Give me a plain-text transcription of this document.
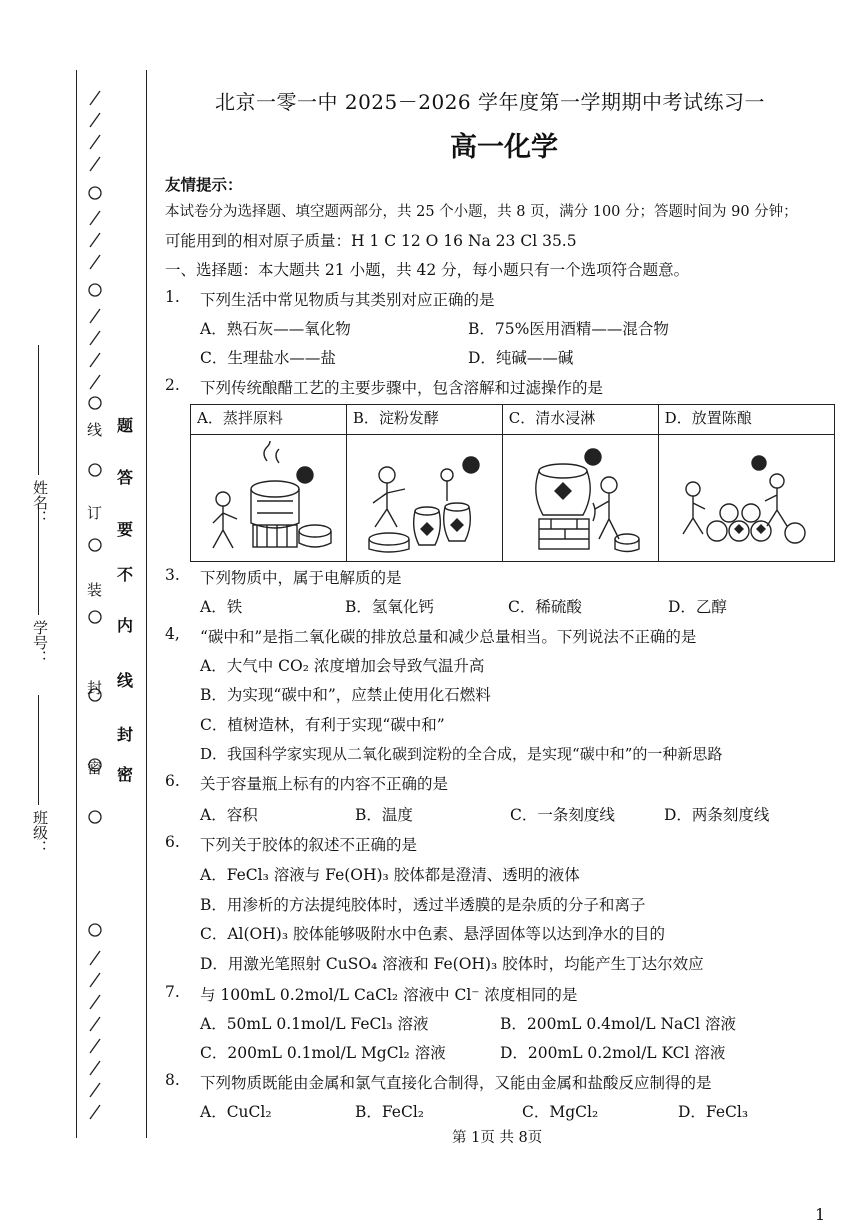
密
封
装
订
线
密
封
线
内
不
要
答
题
班级：
学号：
姓名：
北京一零一中 2025－2026 学年度第一学期期中考试练习一
高一化学
友情提示：
本试卷分为选择题、填空题两部分，共 25 个小题，共 8 页，满分 100 分；答题时间为 90 分钟；
可能用到的相对原子质量：H 1 C 12 O 16 Na 23 Cl 35.5
一、选择题：本大题共 21 小题，共 42 分，每小题只有一个选项符合题意。
1. 下列生活中常见物质与其类别对应正确的是
A．熟石灰——氧化物	B．75%医用酒精——混合物
C．生理盐水——盐	D．纯碱——碱
2. 下列传统酿醋工艺的主要步骤中，包含溶解和过滤操作的是
A．蒸拌原料	B．淀粉发酵	C．清水浸淋	D．放置陈酿

3. 下列物质中，属于电解质的是
A．铁	B．氢氧化钙	C．稀硫酸	D．乙醇
4, “碳中和”是指二氧化碳的排放总量和减少总量相当。下列说法不正确的是
A．大气中 CO₂ 浓度增加会导致气温升高
B．为实现“碳中和”，应禁止使用化石燃料
C．植树造林，有利于实现“碳中和”
D．我国科学家实现从二氧化碳到淀粉的全合成，是实现“碳中和”的一种新思路
6. 关于容量瓶上标有的内容不正确的是
A．容积	B．温度	C．一条刻度线	D．两条刻度线
6. 下列关于胶体的叙述不正确的是
A．FeCl₃ 溶液与 Fe(OH)₃ 胶体都是澄清、透明的液体
B．用渗析的方法提纯胶体时，透过半透膜的是杂质的分子和离子
C．Al(OH)₃ 胶体能够吸附水中色素、悬浮固体等以达到净水的目的
D．用激光笔照射 CuSO₄ 溶液和 Fe(OH)₃ 胶体时，均能产生丁达尔效应
7. 与 100mL 0.2mol/L CaCl₂ 溶液中 Cl⁻ 浓度相同的是
A．50mL 0.1mol/L FeCl₃ 溶液	B．200mL 0.4mol/L NaCl 溶液
C．200mL 0.1mol/L MgCl₂ 溶液	D．200mL 0.2mol/L KCl 溶液
8. 下列物质既能由金属和氯气直接化合制得，又能由金属和盐酸反应制得的是
A．CuCl₂	B．FeCl₂	C．MgCl₂	D．FeCl₃
第 1页 共 8页
1
